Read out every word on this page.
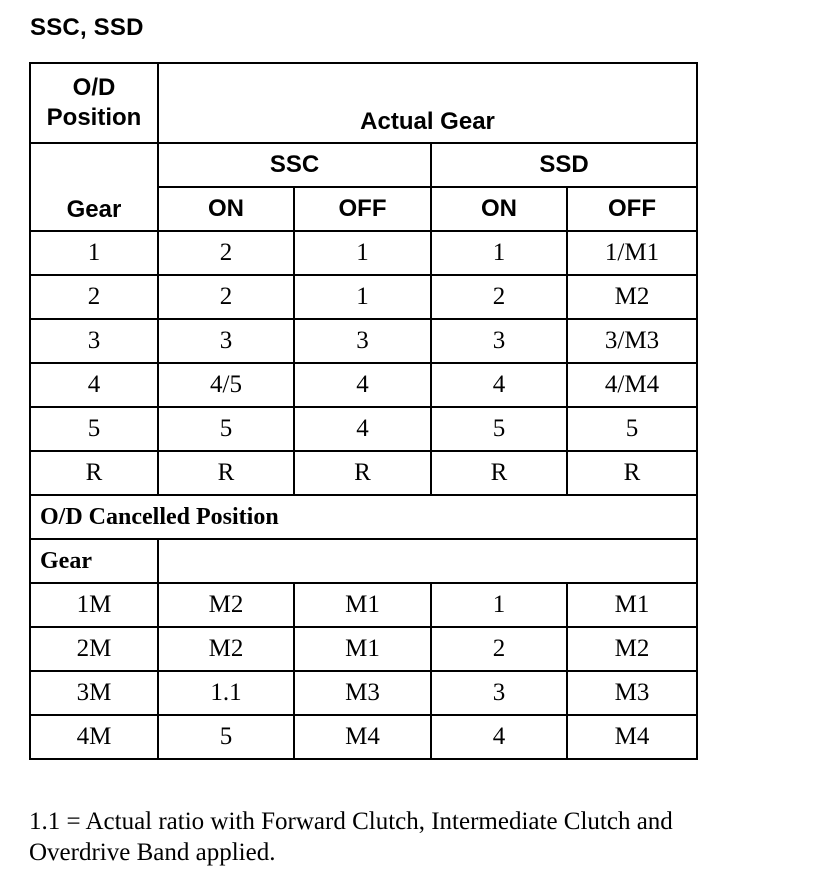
SSC, SSD
O/D
Position	Actual Gear			
Gear	SSC		SSD	
	ON	OFF	ON	OFF
1	2	1	1	1/M1
2	2	1	2	M2
3	3	3	3	3/M3
4	4/5	4	4	4/M4
5	5	4	5	5
R	R	R	R	R
O/D Cancelled Position				
Gear				
1M	M2	M1	1	M1
2M	M2	M1	2	M2
3M	1.1	M3	3	M3
4M	5	M4	4	M4
1.1 = Actual ratio with Forward Clutch, Intermediate Clutch and Overdrive Band applied.
